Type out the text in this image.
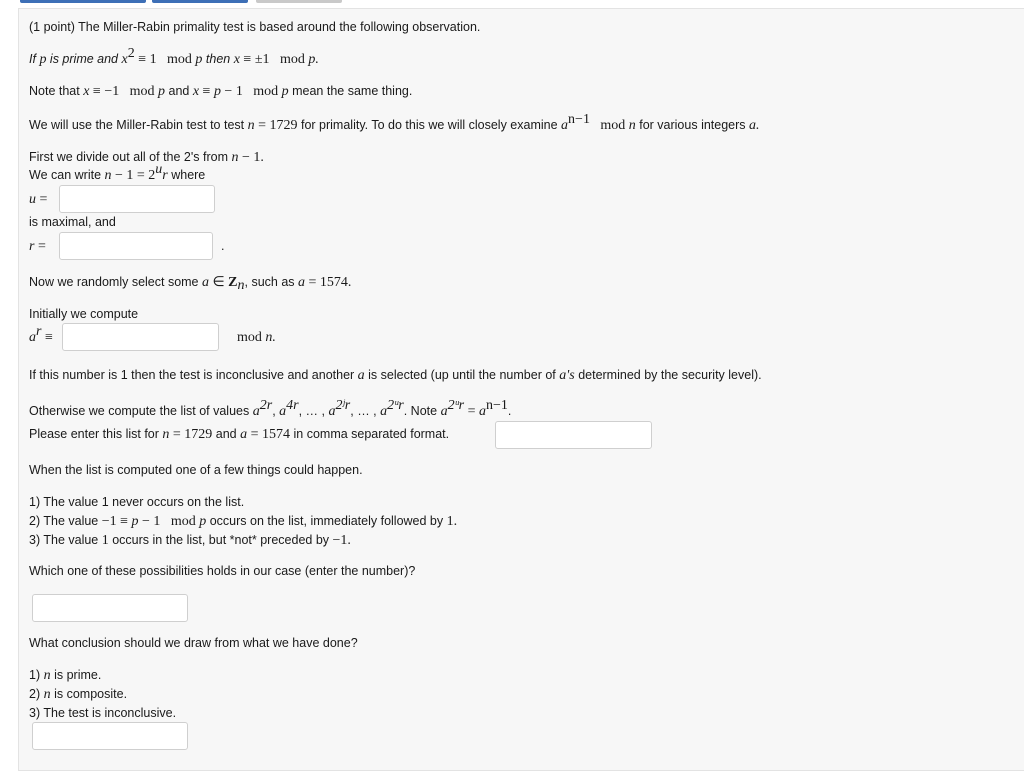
(1 point) The Miller-Rabin primality test is based around the following observation.
If p is prime and $x^2 \equiv 1$ mod p then x ≡ ±1 mod p.
Note that x ≡ −1 mod p and x ≡ p − 1 mod p mean the same thing.
We will use the Miller-Rabin test to test n = 1729 for primality. To do this we will closely examine $a^{n-1}$ mod n for various integers a.
First we divide out all of the 2's from n − 1.
We can write $n - 1 = 2^ur$ where
u =
is maximal, and
r =	.
Now we randomly select some a ∈ $Z_n$, such as a = 1574.
Initially we compute
$a^r$ ≡	mod n.
If this number is 1 then the test is inconclusive and another a is selected (up until the number of a's determined by the security level).
Otherwise we compute the list of values $a^{2r}$, $a^{4r}$, … , $a^{2ʲr}$, … , $a^{2ᵘr}$. Note $a^{2ᵘr} = a^{n-1}$.
Please enter this list for n = 1729 and a = 1574 in comma separated format.
When the list is computed one of a few things could happen.
1) The value 1 never occurs on the list.
2) The value −1 ≡ p − 1 mod p occurs on the list, immediately followed by 1.
3) The value 1 occurs in the list, but *not* preceded by −1.
Which one of these possibilities holds in our case (enter the number)?
What conclusion should we draw from what we have done?
1) n is prime.
2) n is composite.
3) The test is inconclusive.
